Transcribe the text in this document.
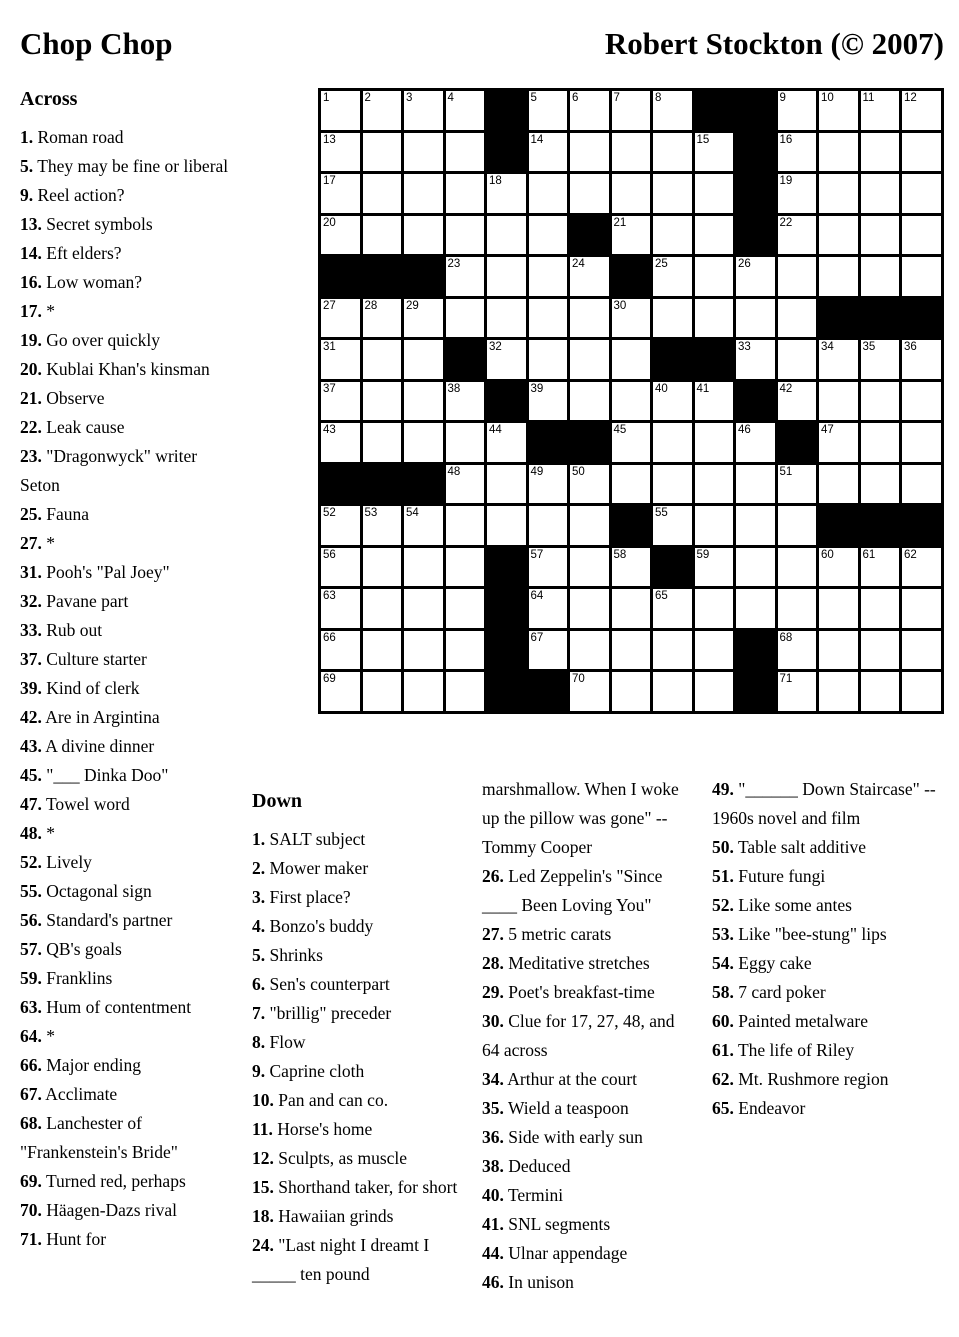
Chop Chop	Robert Stockton (© 2007)
Across
1. Roman road
5. They may be fine or liberal
9. Reel action?
13. Secret symbols
14. Eft elders?
16. Low woman?
17. *
19. Go over quickly
20. Kublai Khan's kinsman
21. Observe
22. Leak cause
23. "Dragonwyck" writer Seton
25. Fauna
27. *
31. Pooh's "Pal Joey"
32. Pavane part
33. Rub out
37. Culture starter
39. Kind of clerk
42. Are in Argintina
43. A divine dinner
45. "___ Dinka Doo"
47. Towel word
48. *
52. Lively
55. Octagonal sign
56. Standard's partner
57. QB's goals
59. Franklins
63. Hum of contentment
64. *
66. Major ending
67. Acclimate
68. Lanchester of "Frankenstein's Bride"
69. Turned red, perhaps
70. Häagen-Dazs rival
71. Hunt for
1	2	3	4	5	6	7	8	9	10 11	12
13	14	15	16
17	18	19
20	21	22
23	24	25	26
27 28 29	30
31	32	33	34 35 36
37	38	39	40 41	42
43	44	45	46	47
48	49 50	51
52 53 54	55
56	57	58	59	60 61 62
63	64	65
66	67	68
69	70	71
Down
1. SALT subject
2. Mower maker
3. First place?
4. Bonzo's buddy
5. Shrinks
6. Sen's counterpart
7. "brillig" preceder
8. Flow
9. Caprine cloth
10. Pan and can co.
11. Horse's home
12. Sculpts, as muscle
15. Shorthand taker, for short
18. Hawaiian grinds
24. "Last night I dreamt I _____ ten pound
marshmallow. When I woke up the pillow was gone" -- Tommy Cooper
26. Led Zeppelin's "Since ____ Been Loving You"
27. 5 metric carats
28. Meditative stretches
29. Poet's breakfast-time
30. Clue for 17, 27, 48, and 64 across
34. Arthur at the court
35. Wield a teaspoon
36. Side with early sun
38. Deduced
40. Termini
41. SNL segments
44. Ulnar appendage
46. In unison
49. "______ Down Staircase" -- 1960s novel and film
50. Table salt additive
51. Future fungi
52. Like some antes
53. Like "bee-stung" lips
54. Eggy cake
58. 7 card poker
60. Painted metalware
61. The life of Riley
62. Mt. Rushmore region
65. Endeavor
